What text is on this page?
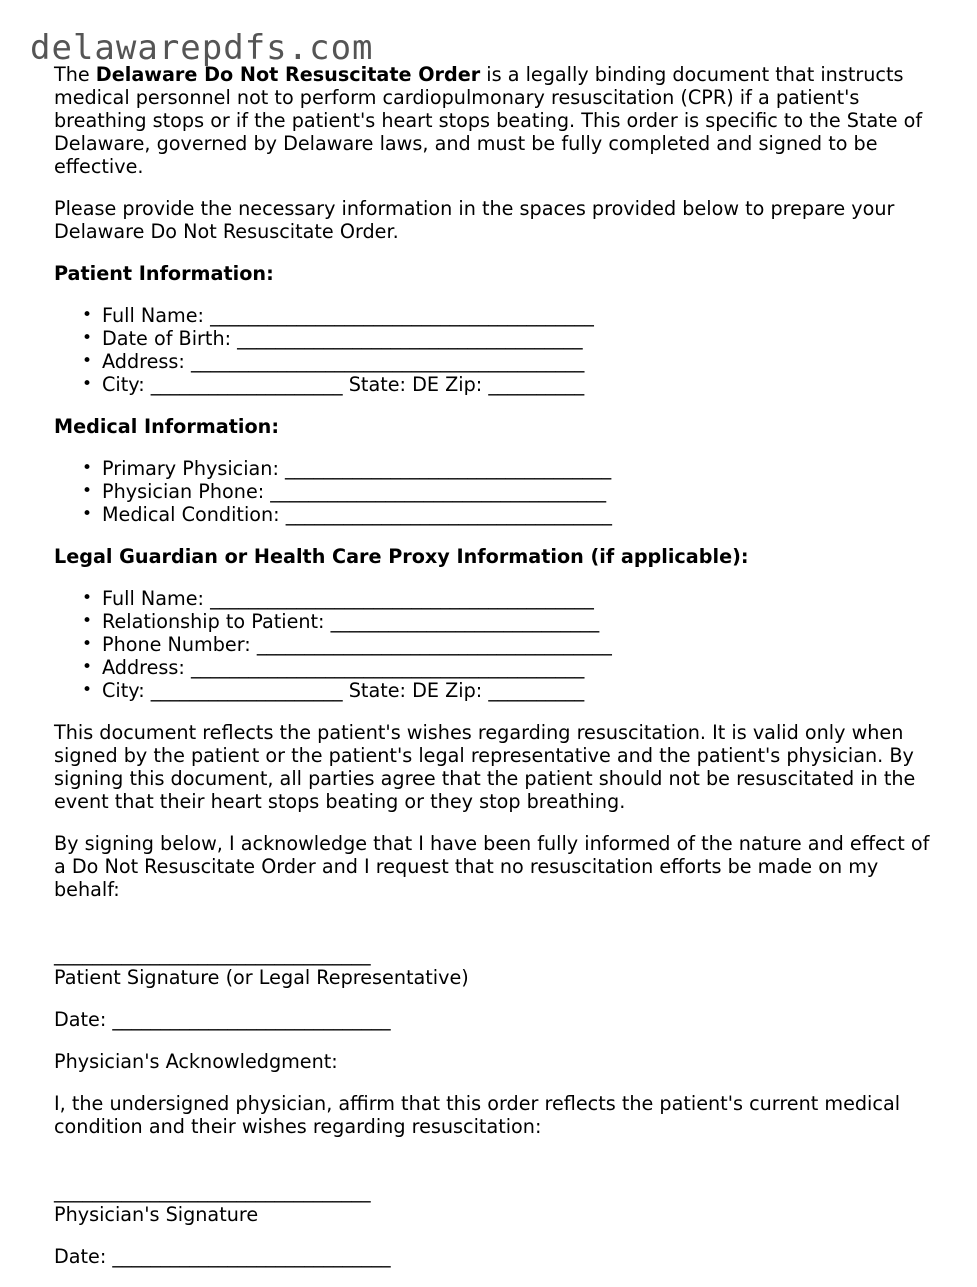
delawarepdfs.com

The Delaware Do Not Resuscitate Order is a legally binding document that instructs medical personnel not to perform cardiopulmonary resuscitation (CPR) if a patient's breathing stops or if the patient's heart stops beating. This order is specific to the State of Delaware, governed by Delaware laws, and must be fully completed and signed to be effective.

Please provide the necessary information in the spaces provided below to prepare your Delaware Do Not Resuscitate Order.

Patient Information:
• Full Name: ________________________________________
• Date of Birth: ____________________________________
• Address: _________________________________________
• City: ____________________ State: DE Zip: __________
Medical Information:
• Primary Physician: __________________________________
• Physician Phone: ___________________________________
• Medical Condition: __________________________________
Legal Guardian or Health Care Proxy Information (if applicable):
• Full Name: ________________________________________
• Relationship to Patient: ____________________________
• Phone Number: _____________________________________
• Address: _________________________________________
• City: ____________________ State: DE Zip: __________

This document reflects the patient's wishes regarding resuscitation. It is valid only when signed by the patient or the patient's legal representative and the patient's physician. By signing this document, all parties agree that the patient should not be resuscitated in the event that their heart stops beating or they stop breathing.

By signing below, I acknowledge that I have been fully informed of the nature and effect of a Do Not Resuscitate Order and I request that no resuscitation efforts be made on my behalf:

_________________________________
Patient Signature (or Legal Representative)

Date: _____________________________

Physician's Acknowledgment:

I, the undersigned physician, affirm that this order reflects the patient's current medical condition and their wishes regarding resuscitation:

_________________________________
Physician's Signature

Date: _____________________________
